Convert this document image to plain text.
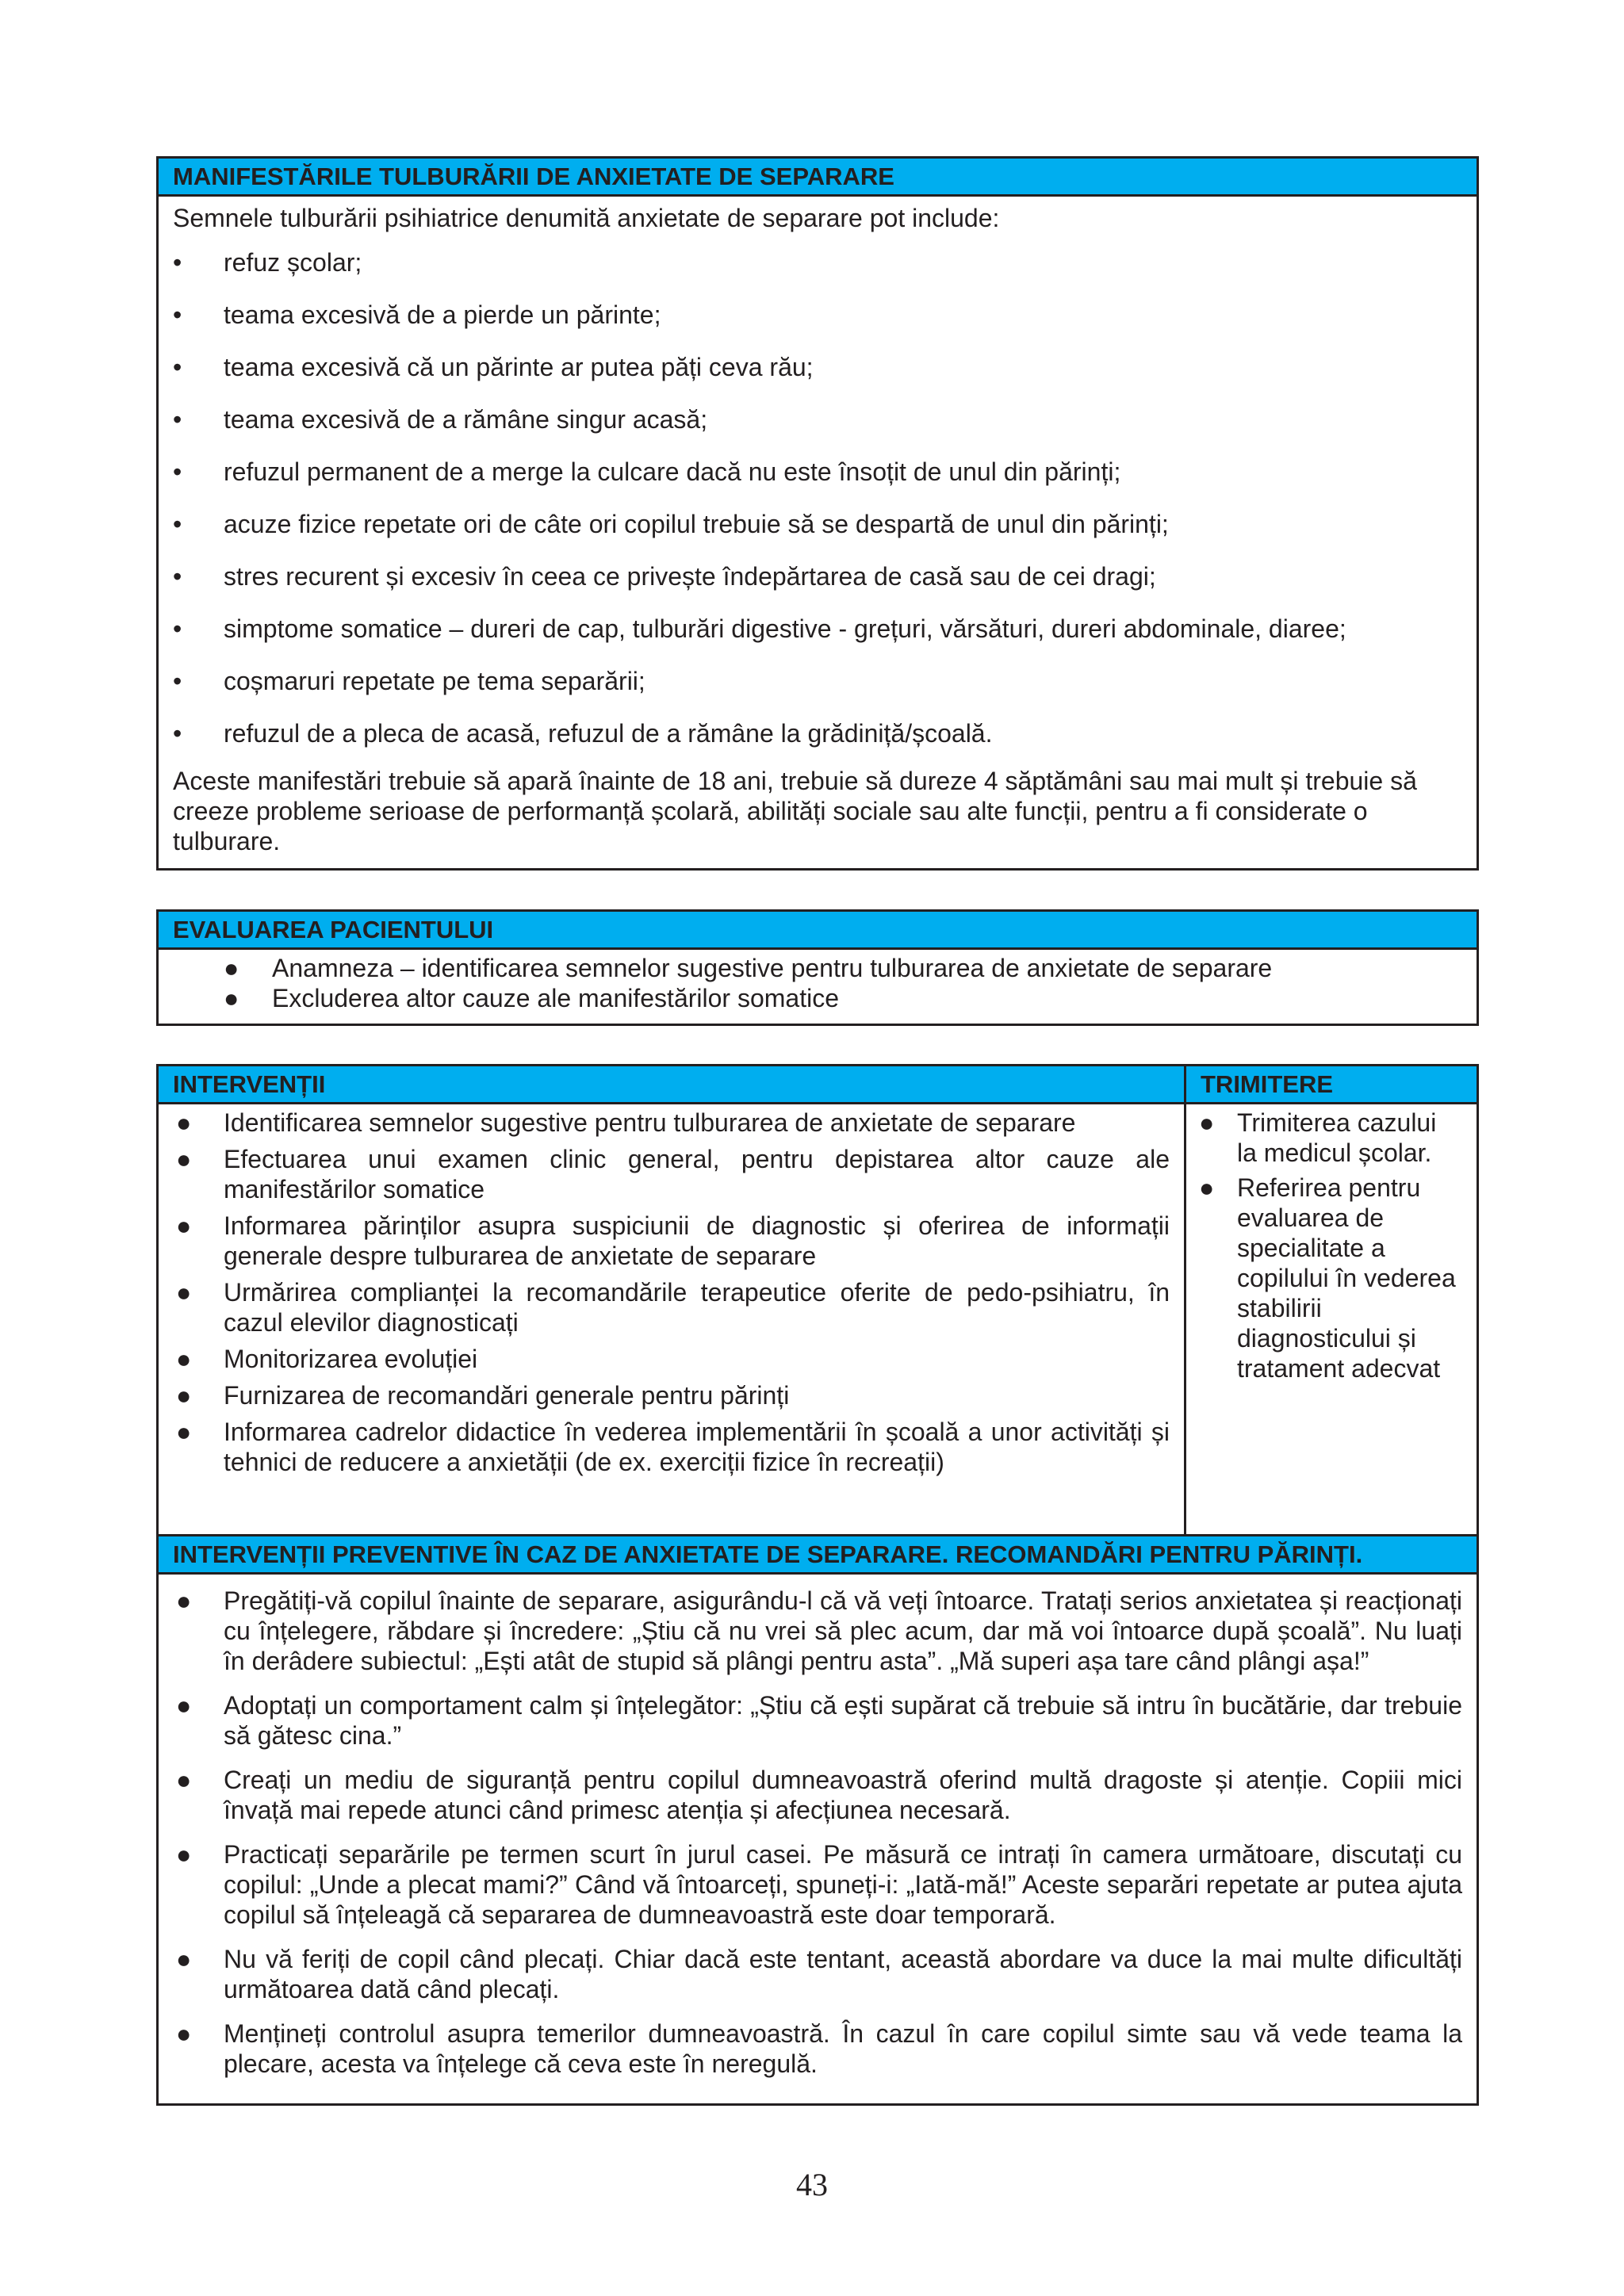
MANIFESTĂRILE TULBURĂRII DE ANXIETATE DE SEPARARE
Semnele tulburării psihiatrice denumită anxietate de separare pot include:
• refuz școlar;
• teama excesivă de a pierde un părinte;
• teama excesivă că un părinte ar putea păți ceva rău;
• teama excesivă de a rămâne singur acasă;
• refuzul permanent de a merge la culcare dacă nu este însoțit de unul din părinți;
• acuze fizice repetate ori de câte ori copilul trebuie să se despartă de unul din părinți;
• stres recurent și excesiv în ceea ce privește îndepărtarea de casă sau de cei dragi;
• simptome somatice – dureri de cap, tulburări digestive - grețuri, vărsături, dureri abdominale, diaree;
• coșmaruri repetate pe tema separării;
• refuzul de a pleca de acasă, refuzul de a rămâne la grădiniță/școală.
Aceste manifestări trebuie să apară înainte de 18 ani, trebuie să dureze 4 săptămâni sau mai mult și trebuie să creeze probleme serioase de performanță școlară, abilități sociale sau alte funcții, pentru a fi considerate o tulburare.
EVALUAREA PACIENTULUI
● Anamneza – identificarea semnelor sugestive pentru tulburarea de anxietate de separare
● Excluderea altor cauze ale manifestărilor somatice
INTERVENȚII	TRIMITERE
● Identificarea semnelor sugestive pentru tulburarea de anxietate de separare
● Efectuarea unui examen clinic general, pentru depistarea altor cauze ale manifestărilor somatice
● Informarea părinților asupra suspiciunii de diagnostic și oferirea de informații generale despre tulburarea de anxietate de separare
● Urmărirea complianței la recomandările terapeutice oferite de pedo-psihiatru, în cazul elevilor diagnosticați
● Monitorizarea evoluției
● Furnizarea de recomandări generale pentru părinți
● Informarea cadrelor didactice în vederea implementării în școală a unor activități și tehnici de reducere a anxietății (de ex. exerciții fizice în recreații)
● Trimiterea cazului la medicul școlar.
● Referirea pentru evaluarea de specialitate a copilului în vederea stabilirii diagnosticului și tratament adecvat
INTERVENȚII PREVENTIVE ÎN CAZ DE ANXIETATE DE SEPARARE. RECOMANDĂRI PENTRU PĂRINȚI.
● Pregătiți-vă copilul înainte de separare, asigurându-l că vă veți întoarce. Tratați serios anxietatea și reacționați cu înțelegere, răbdare și încredere: „Știu că nu vrei să plec acum, dar mă voi întoarce după școală”. Nu luați în derâdere subiectul: „Ești atât de stupid să plângi pentru asta”. „Mă superi așa tare când plângi așa!”
● Adoptați un comportament calm și înțelegător: „Știu că ești supărat că trebuie să intru în bucătărie, dar trebuie să gătesc cina.”
● Creați un mediu de siguranță pentru copilul dumneavoastră oferind multă dragoste și atenție. Copiii mici învață mai repede atunci când primesc atenția și afecțiunea necesară.
● Practicați separările pe termen scurt în jurul casei. Pe măsură ce intrați în camera următoare, discutați cu copilul: „Unde a plecat mami?” Când vă întoarceți, spuneți-i: „Iată-mă!” Aceste separări repetate ar putea ajuta copilul să înțeleagă că separarea de dumneavoastră este doar temporară.
● Nu vă feriți de copil când plecați. Chiar dacă este tentant, această abordare va duce la mai multe dificultăți următoarea dată când plecați.
● Mențineți controlul asupra temerilor dumneavoastră. În cazul în care copilul simte sau vă vede teama la plecare, acesta va înțelege că ceva este în neregulă.
43
